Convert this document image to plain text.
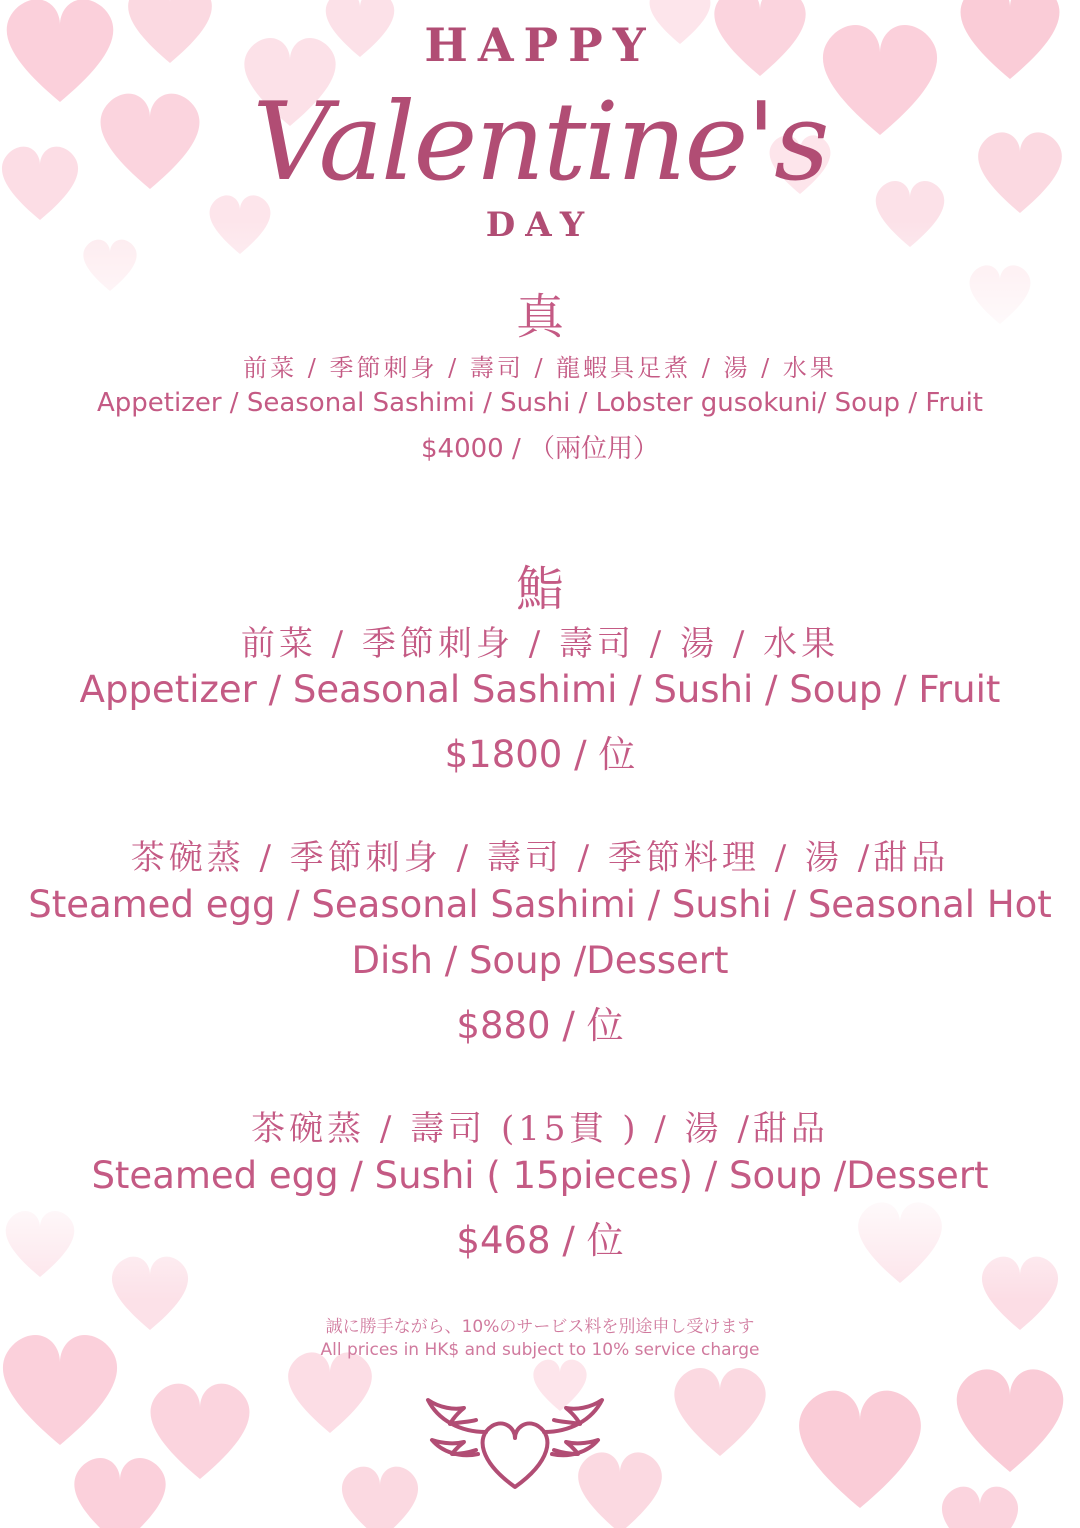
HAPPY
Valentine's
DAY
真
前菜 / 季節刺身 / 壽司 / 龍蝦具足煮 / 湯 / 水果
Appetizer / Seasonal Sashimi / Sushi / Lobster gusokuni/ Soup / Fruit
$4000 / （兩位用）
鮨
前菜 / 季節刺身 / 壽司 / 湯 / 水果
Appetizer / Seasonal Sashimi / Sushi / Soup / Fruit
$1800 / 位
茶碗蒸 / 季節刺身 / 壽司 / 季節料理 / 湯 /甜品
Steamed egg / Seasonal Sashimi / Sushi / Seasonal Hot
Dish / Soup /Dessert
$880 / 位
茶碗蒸 / 壽司 (15貫 ) / 湯 /甜品
Steamed egg / Sushi ( 15pieces) / Soup /Dessert
$468 / 位
誠に勝手ながら、10%のサービス料を別途申し受けます
All prices in HK$ and subject to 10% service charge
